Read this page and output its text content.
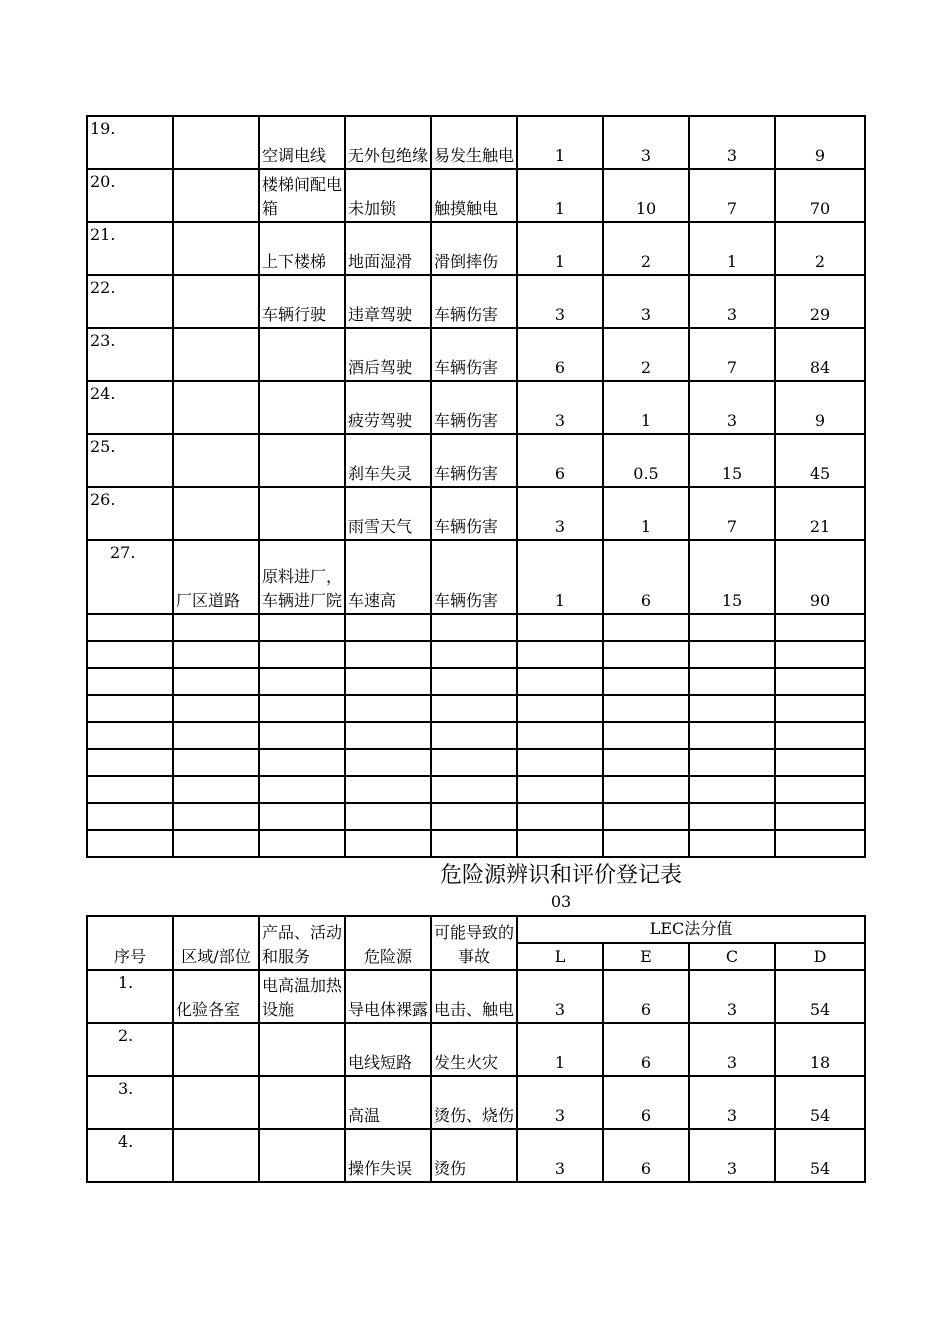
19.		空调电线	无外包绝缘	易发生触电	1	3	3	9
20.		楼梯间配电箱	未加锁	触摸触电	1	10	7	70
21.		上下楼梯	地面湿滑	滑倒摔伤	1	2	1	2
22.		车辆行驶	违章驾驶	车辆伤害	3	3	3	29
23.			酒后驾驶	车辆伤害	6	2	7	84
24.			疲劳驾驶	车辆伤害	3	1	3	9
25.			刹车失灵	车辆伤害	6	0.5	15	45
26.			雨雪天气	车辆伤害	3	1	7	21
27.	厂区道路	原料进厂，车辆进厂院	车速高	车辆伤害	1	6	15	90

危险源辨识和评价登记表
03
序号	区域/部位	产品、活动和服务	危险源	可能导致的事故	LEC法分值			
					L	E	C	D
1.	化验各室	电高温加热设施	导电体裸露	电击、触电	3	6	3	54
2.			电线短路	发生火灾	1	6	3	18
3.			高温	烫伤、烧伤	3	6	3	54
4.			操作失误	烫伤	3	6	3	54
